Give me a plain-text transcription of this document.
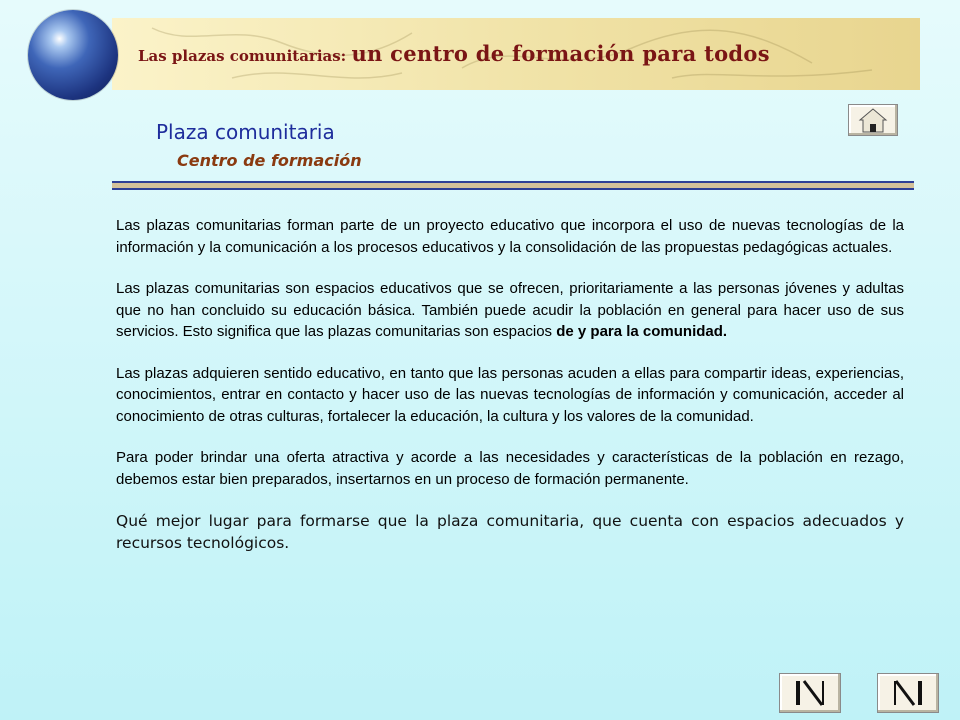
Las plazas comunitarias: un centro de formación para todos
Plaza comunitaria
Centro de formación

Las plazas comunitarias forman parte de un proyecto educativo que incorpora el uso de nuevas tecnologías de la información y la comunicación a los procesos educativos y la consolidación de las propuestas pedagógicas actuales.

Las plazas comunitarias son espacios educativos que se ofrecen, prioritariamente a las personas jóvenes y adultas que no han concluido su educación básica. También puede acudir la población en general para hacer uso de sus servicios. Esto significa que las plazas comunitarias son espacios de y para la comunidad.

Las plazas adquieren sentido educativo, en tanto que las personas acuden a ellas para compartir ideas, experiencias, conocimientos, entrar en contacto y hacer uso de las nuevas tecnologías de información y comunicación, acceder al conocimiento de otras culturas, fortalecer la educación, la cultura y los valores de la comunidad.

Para poder brindar una oferta atractiva y acorde a las necesidades y características de la población en rezago, debemos estar bien preparados, insertarnos en un proceso de formación permanente.

Qué mejor lugar para formarse que la plaza comunitaria, que cuenta con espacios adecuados y recursos tecnológicos.
